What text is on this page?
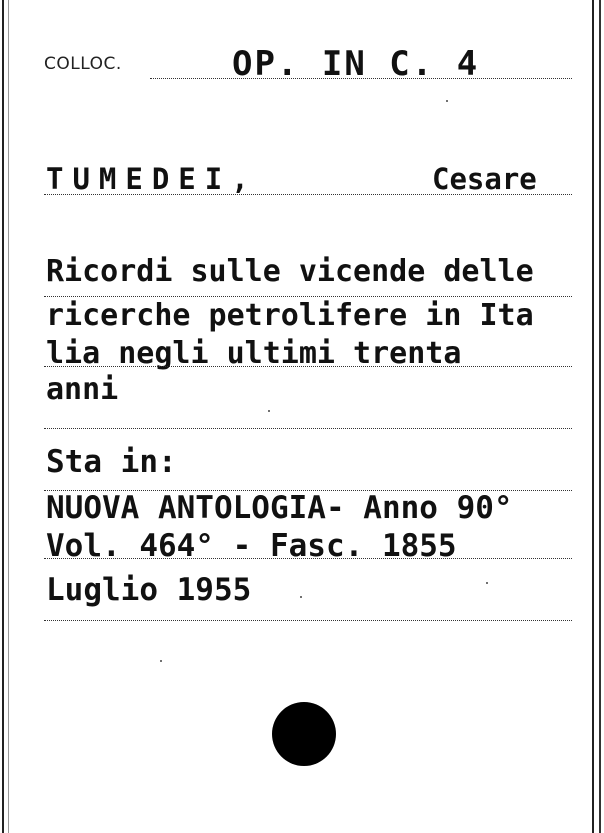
COLLOC.	OP. IN C. 4
TUMEDEI,	Cesare
Ricordi sulle vicende delle
ricerche petrolifere in Ita
lia negli ultimi trenta
anni
Sta in:
NUOVA ANTOLOGIA- Anno 90°
Vol. 464° - Fasc. 1855
Luglio 1955
